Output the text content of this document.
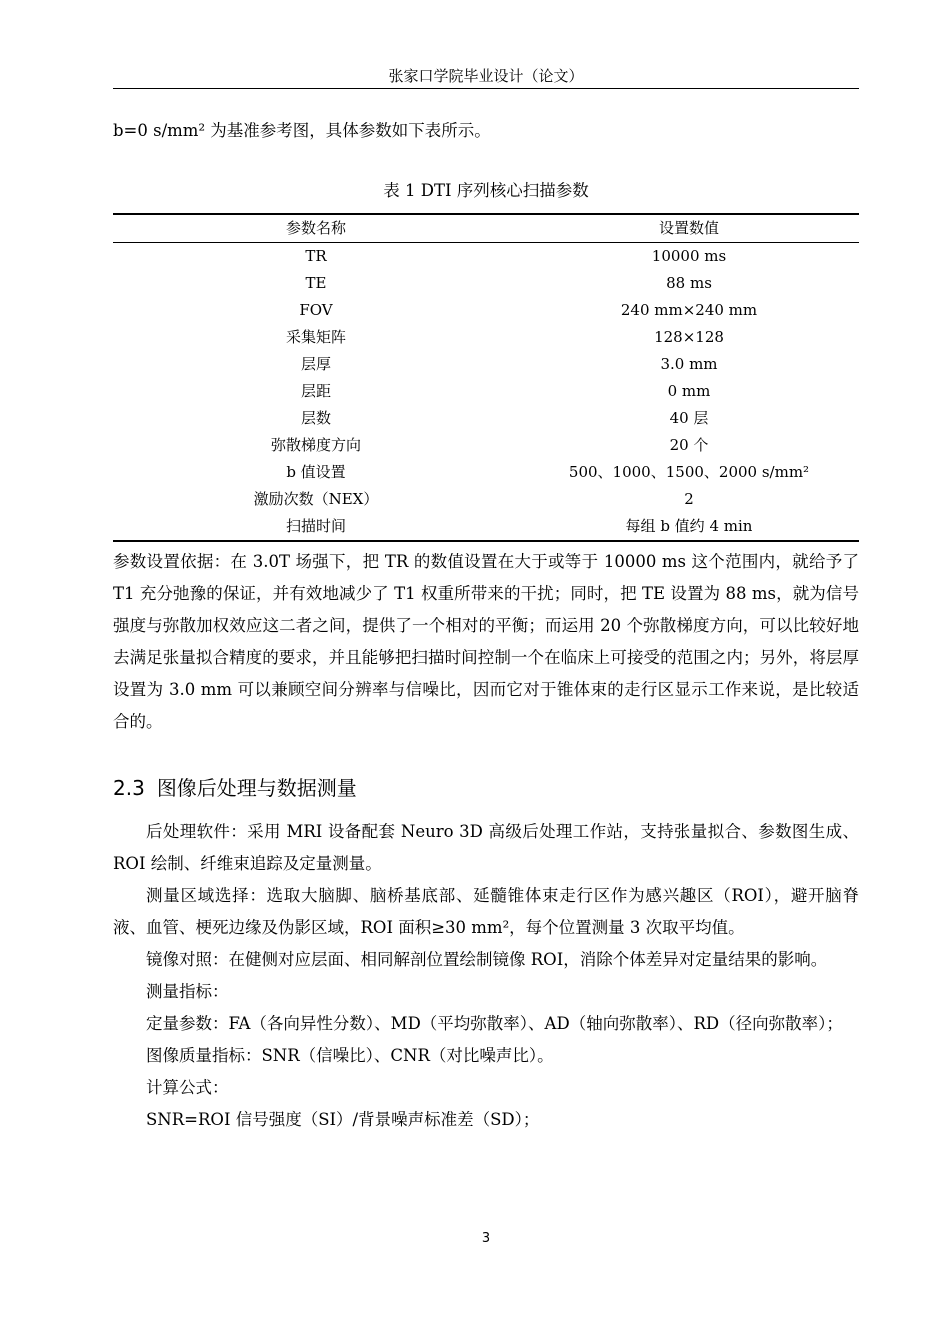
张家口学院毕业设计（论文）
b=0 s/mm² 为基准参考图，具体参数如下表所示。
表 1 DTI 序列核心扫描参数
参数名称	设置数值
TR	10000 ms
TE	88 ms
FOV	240 mm×240 mm
采集矩阵	128×128
层厚	3.0 mm
层距	0 mm
层数	40 层
弥散梯度方向	20 个
b 值设置	500、1000、1500、2000 s/mm²
激励次数（NEX）	2
扫描时间	每组 b 值约 4 min
参数设置依据：在 3.0T 场强下，把 TR 的数值设置在大于或等于 10000 ms 这个范围内，就给予了 T1 充分弛豫的保证，并有效地减少了 T1 权重所带来的干扰；同时，把 TE 设置为 88 ms，就为信号强度与弥散加权效应这二者之间，提供了一个相对的平衡；而运用 20 个弥散梯度方向，可以比较好地去满足张量拟合精度的要求，并且能够把扫描时间控制一个在临床上可接受的范围之内；另外，将层厚设置为 3.0 mm 可以兼顾空间分辨率与信噪比，因而它对于锥体束的走行区显示工作来说，是比较适合的。
2.3 图像后处理与数据测量

后处理软件：采用 MRI 设备配套 Neuro 3D 高级后处理工作站，支持张量拟合、参数图生成、ROI 绘制、纤维束追踪及定量测量。

测量区域选择：选取大脑脚、脑桥基底部、延髓锥体束走行区作为感兴趣区（ROI），避开脑脊液、血管、梗死边缘及伪影区域，ROI 面积≥30 mm²，每个位置测量 3 次取平均值。

镜像对照：在健侧对应层面、相同解剖位置绘制镜像 ROI，消除个体差异对定量结果的影响。

测量指标：

定量参数：FA（各向异性分数）、MD（平均弥散率）、AD（轴向弥散率）、RD（径向弥散率）；

图像质量指标：SNR（信噪比）、CNR（对比噪声比）。

计算公式：

SNR=ROI 信号强度（SI）/背景噪声标准差（SD）；

3
